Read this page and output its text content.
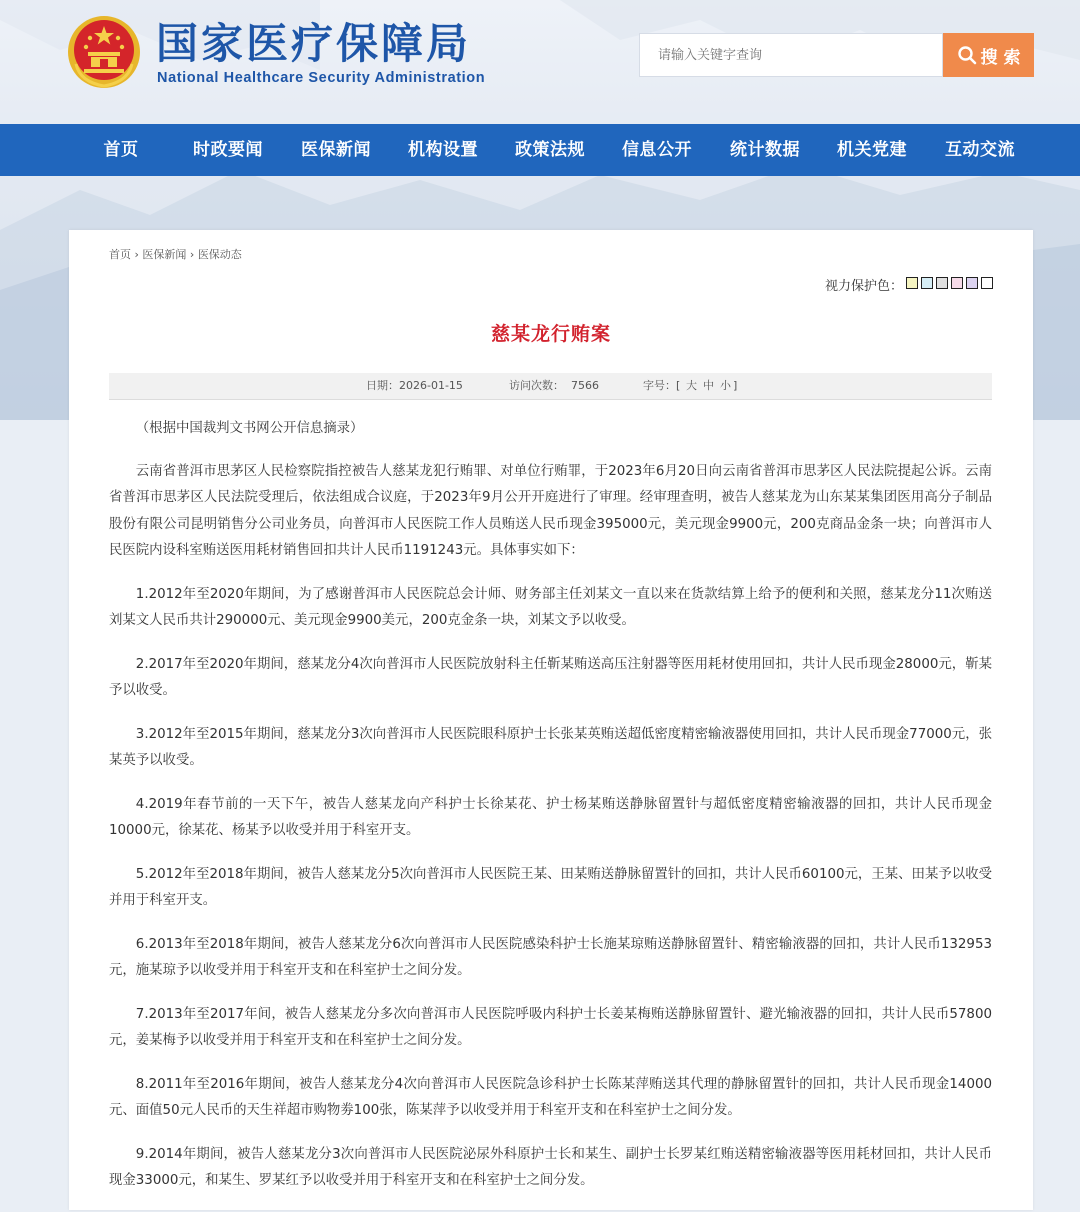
国家医疗保障局
National Healthcare Security Administration
请输入关键字查询
搜 索
首页	时政要闻 医保新闻 机构设置 政策法规 信息公开 统计数据 机关党建 互动交流
首页 › 医保新闻 › 医保动态
视力保护色：
慈某龙行贿案
日期： 2026-01-15	访问次数： 7566	字号：[ 大 中 小 ]

（根据中国裁判文书网公开信息摘录）

云南省普洱市思茅区人民检察院指控被告人慈某龙犯行贿罪、对单位行贿罪，于2023年6月20日向云南省普洱市思茅区人民法院提起公诉。云南省普洱市思茅区人民法院受理后，依法组成合议庭，于2023年9月公开开庭进行了审理。经审理查明，被告人慈某龙为山东某某集团医用高分子制品股份有限公司昆明销售分公司业务员，向普洱市人民医院工作人员贿送人民币现金395000元，美元现金9900元，200克商品金条一块；向普洱市人民医院内设科室贿送医用耗材销售回扣共计人民币1191243元。具体事实如下：

1.2012年至2020年期间，为了感谢普洱市人民医院总会计师、财务部主任刘某文一直以来在货款结算上给予的便利和关照，慈某龙分11次贿送刘某文人民币共计290000元、美元现金9900美元，200克金条一块，刘某文予以收受。

2.2017年至2020年期间，慈某龙分4次向普洱市人民医院放射科主任靳某贿送高压注射器等医用耗材使用回扣，共计人民币现金28000元，靳某予以收受。

3.2012年至2015年期间，慈某龙分3次向普洱市人民医院眼科原护士长张某英贿送超低密度精密输液器使用回扣，共计人民币现金77000元，张某英予以收受。

4.2019年春节前的一天下午，被告人慈某龙向产科护士长徐某花、护士杨某贿送静脉留置针与超低密度精密输液器的回扣，共计人民币现金10000元，徐某花、杨某予以收受并用于科室开支。

5.2012年至2018年期间，被告人慈某龙分5次向普洱市人民医院王某、田某贿送静脉留置针的回扣，共计人民币60100元，王某、田某予以收受并用于科室开支。

6.2013年至2018年期间，被告人慈某龙分6次向普洱市人民医院感染科护士长施某琼贿送静脉留置针、精密输液器的回扣，共计人民币132953元，施某琼予以收受并用于科室开支和在科室护士之间分发。

7.2013年至2017年间，被告人慈某龙分多次向普洱市人民医院呼吸内科护士长姜某梅贿送静脉留置针、避光输液器的回扣，共计人民币57800元，姜某梅予以收受并用于科室开支和在科室护士之间分发。

8.2011年至2016年期间，被告人慈某龙分4次向普洱市人民医院急诊科护士长陈某萍贿送其代理的静脉留置针的回扣，共计人民币现金14000元、面值50元人民币的天生祥超市购物劵100张，陈某萍予以收受并用于科室开支和在科室护士之间分发。

9.2014年期间，被告人慈某龙分3次向普洱市人民医院泌尿外科原护士长和某生、副护士长罗某红贿送精密输液器等医用耗材回扣，共计人民币现金33000元，和某生、罗某红予以收受并用于科室开支和在科室护士之间分发。
